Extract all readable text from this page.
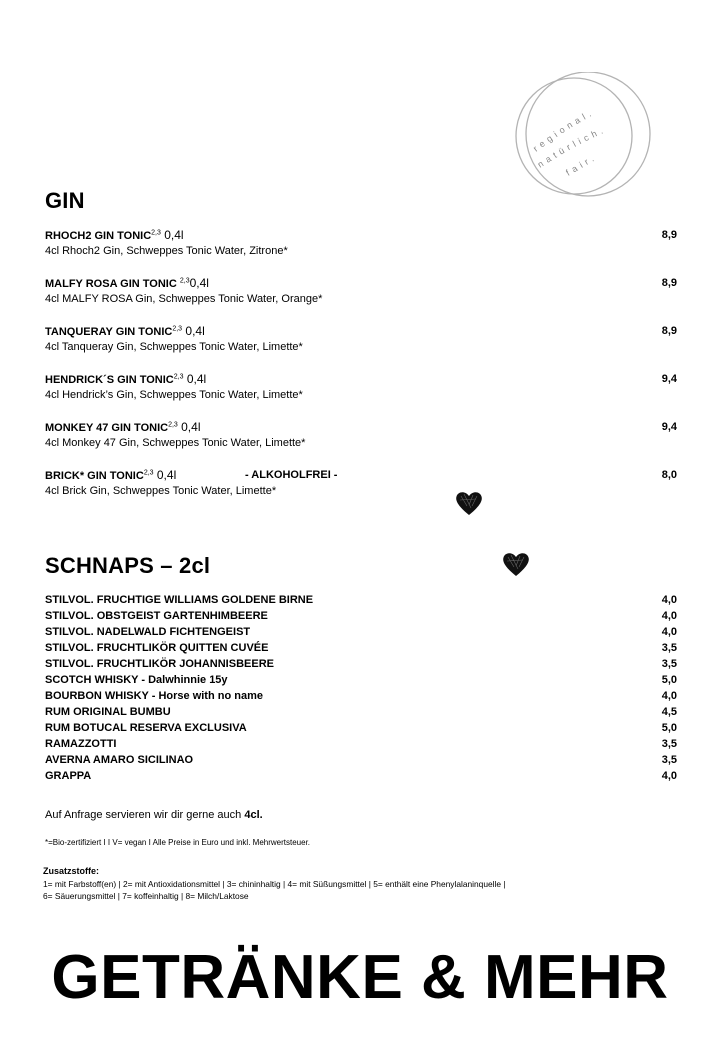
regional.
natürlich.
fair.
GIN
RHOCH2 GIN TONIC$^{2,3}$ 0,4l	8,9
4cl Rhoch2 Gin, Schweppes Tonic Water, Zitrone*
MALFY ROSA GIN TONIC $^{2,3}$0,4l	8,9
4cl MALFY ROSA Gin, Schweppes Tonic Water, Orange*
TANQUERAY GIN TONIC$^{2,3}$ 0,4l	8,9
4cl Tanqueray Gin, Schweppes Tonic Water, Limette*
HENDRICK´S GIN TONIC$^{2,3}$ 0,4l	9,4
4cl Hendrick’s Gin, Schweppes Tonic Water, Limette*
MONKEY 47 GIN TONIC$^{2,3}$ 0,4l	9,4
4cl Monkey 47 Gin, Schweppes Tonic Water, Limette*
BRICK* GIN TONIC$^{2,3}$ 0,4l	- ALKOHOLFREI -	8,0
4cl Brick Gin, Schweppes Tonic Water, Limette*
SCHNAPS – 2cl
STILVOL. FRUCHTIGE WILLIAMS GOLDENE BIRNE	4,0
STILVOL. OBSTGEIST GARTENHIMBEERE	4,0
STILVOL. NADELWALD FICHTENGEIST	4,0
STILVOL. FRUCHTLIKÖR QUITTEN CUVÉE	3,5
STILVOL. FRUCHTLIKÖR JOHANNISBEERE	3,5
SCOTCH WHISKY - Dalwhinnie 15y	5,0
BOURBON WHISKY - Horse with no name	4,0
RUM ORIGINAL BUMBU	4,5
RUM BOTUCAL RESERVA EXCLUSIVA	5,0
RAMAZZOTTI	3,5
AVERNA AMARO SICILINAO	3,5
GRAPPA	4,0
Auf Anfrage servieren wir dir gerne auch 4cl.
*=Bio-zertifiziert I I V= vegan I Alle Preise in Euro und inkl. Mehrwertsteuer.
Zusatzstoffe:
1= mit Farbstoff(en) | 2= mit Antioxidationsmittel | 3= chininhaltig | 4= mit Süßungsmittel | 5= enthält eine Phenylalaninquelle |
6= Säuerungsmittel | 7= koffeinhaltig | 8= Milch/Laktose
GETRÄNKE & MEHR
